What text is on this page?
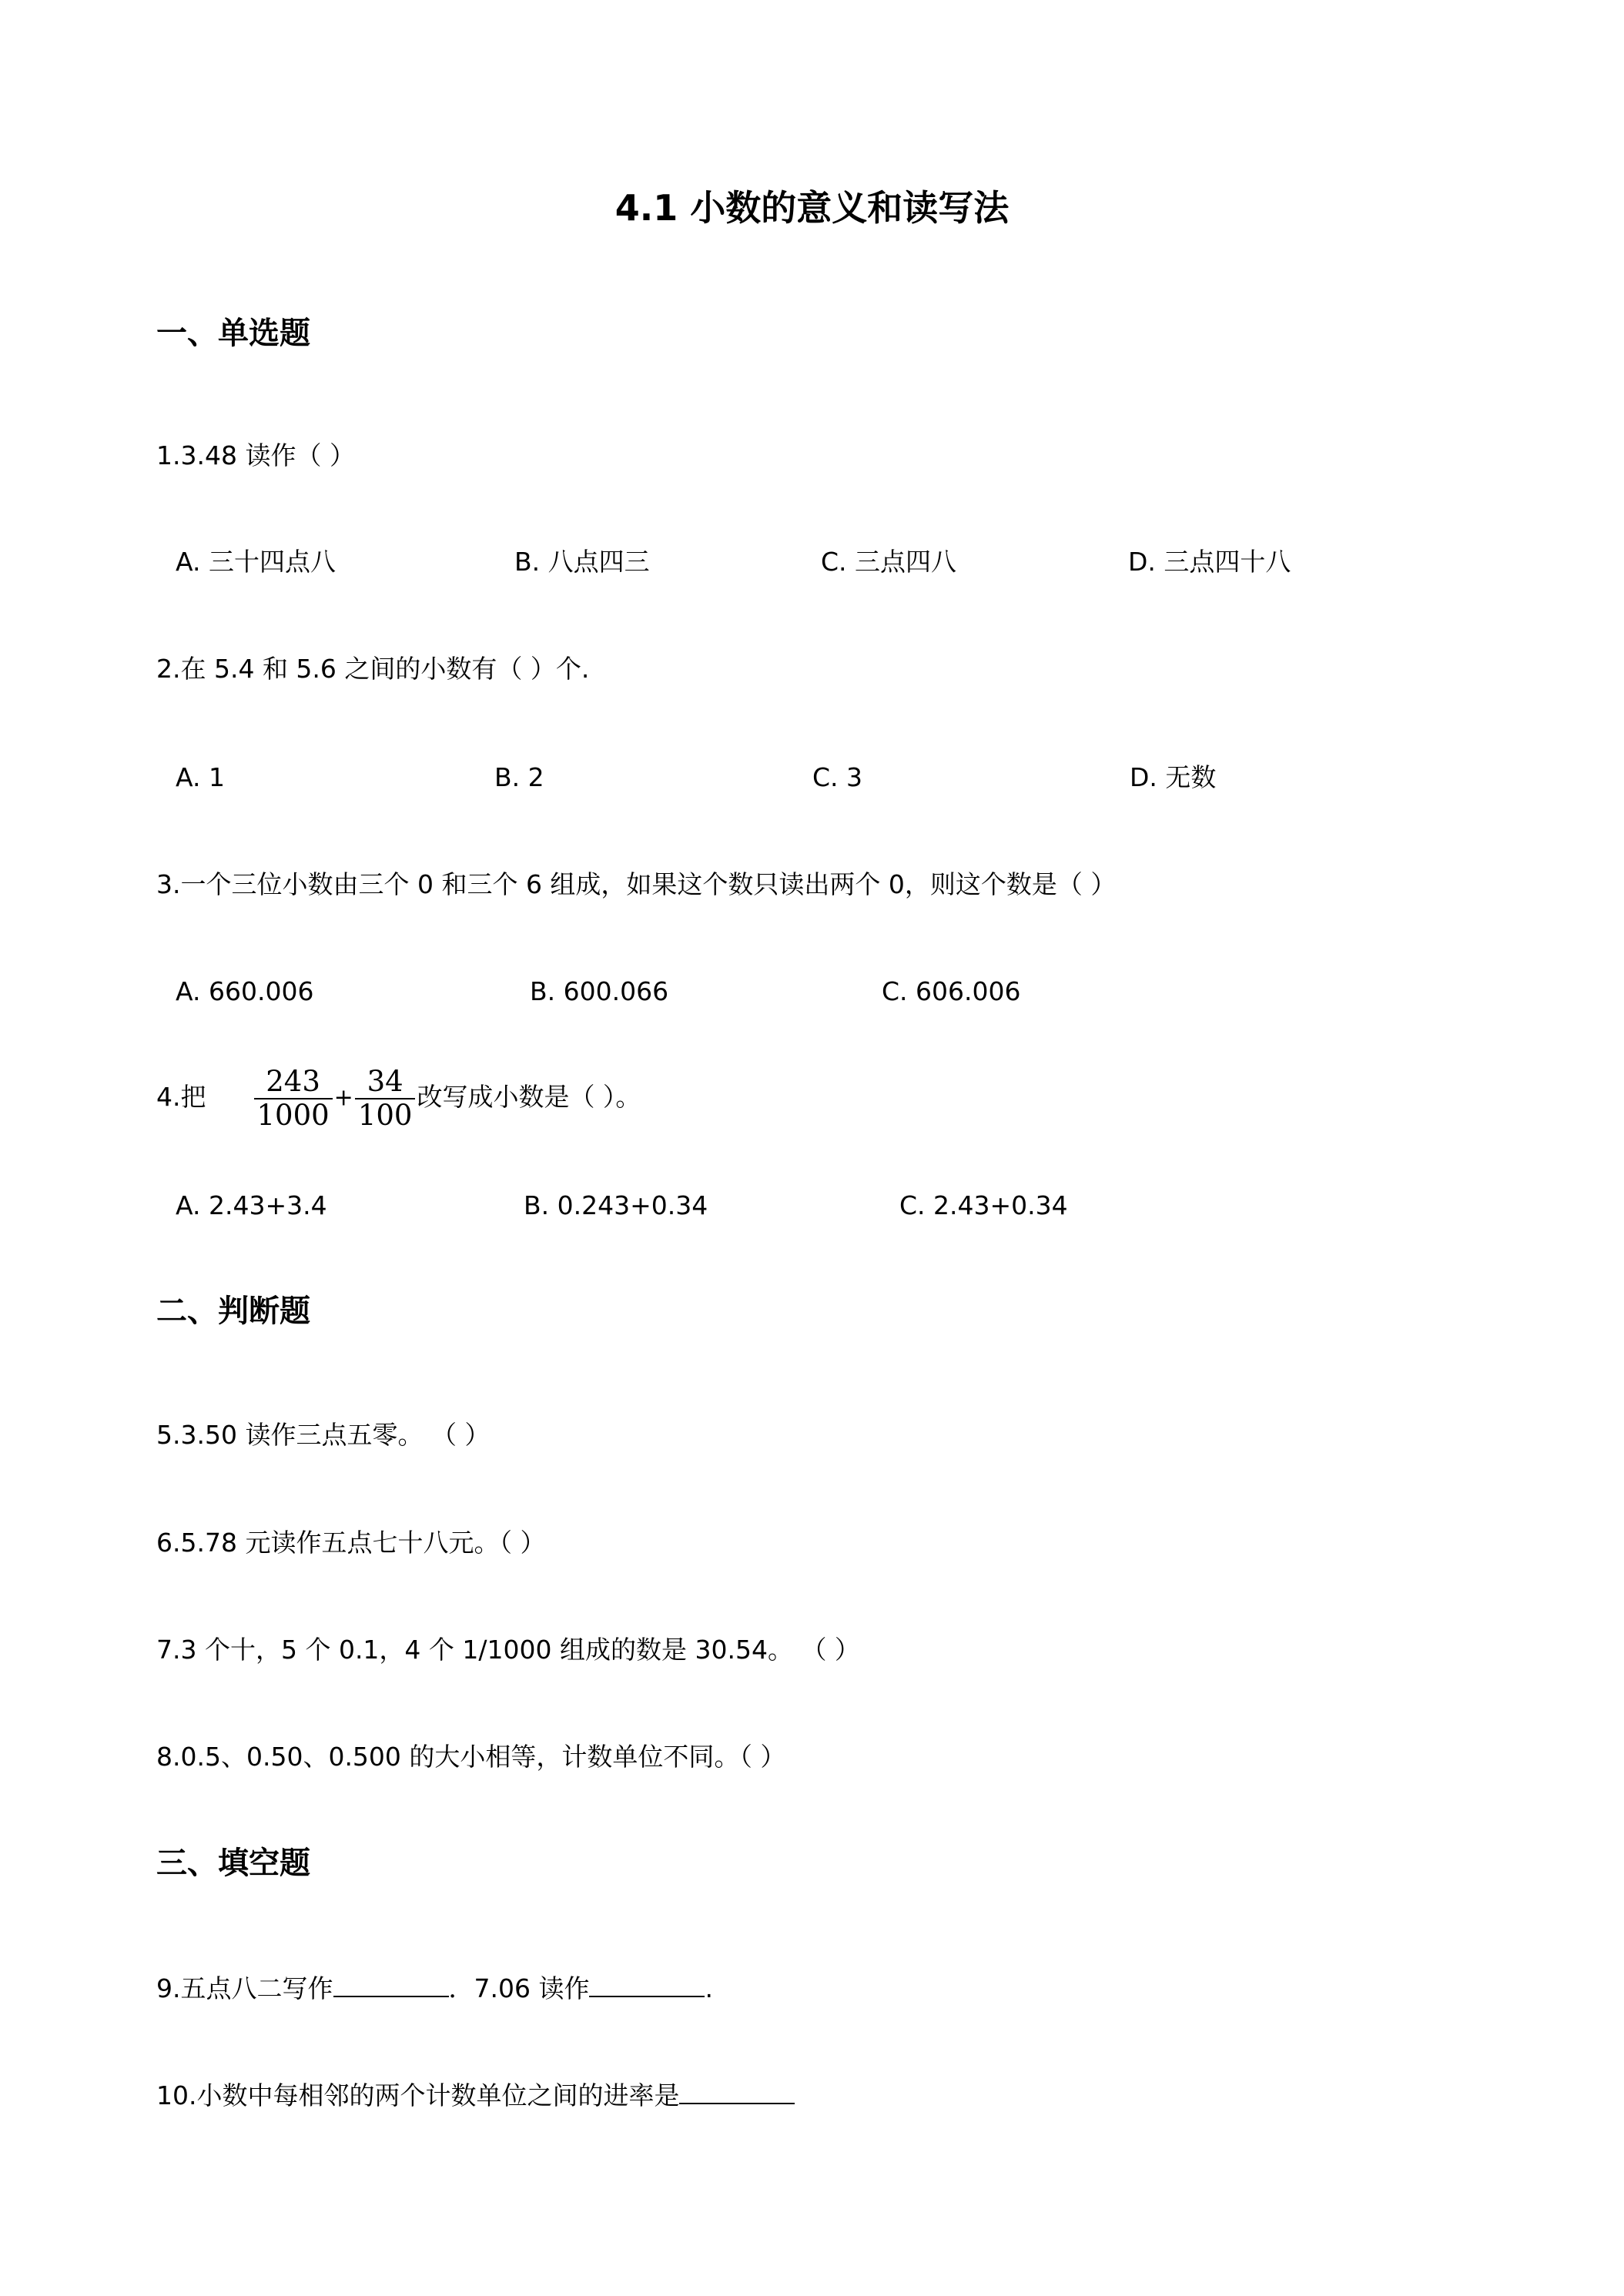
4.1 小数的意义和读写法
一、单选题
1.3.48 读作（ ）
A. 三十四点八	B. 八点四三	C. 三点四八	D. 三点四十八
2.在 5.4 和 5.6 之间的小数有（ ）个.
A. 1	B. 2	C. 3	D. 无数
3.一个三位小数由三个 0 和三个 6 组成，如果这个数只读出两个 0，则这个数是（ ）
A. 660.006	B. 600.066	C. 606.006
4.把 $\frac{243}{1000} + \frac{34}{100}$ 改写成小数是（ ）。
A. 2.43+3.4	B. 0.243+0.34	C. 2.43+0.34
二、判断题
5.3.50 读作三点五零。 （ ）
6.5.78 元读作五点七十八元。（ ）
7.3 个十，5 个 0.1，4 个 1/1000 组成的数是 30.54。 （ ）
8.0.5、0.50、0.500 的大小相等，计数单位不同。（ ）
三、填空题
9.五点八二写作	．7.06 读作	.
10.小数中每相邻的两个计数单位之间的进率是
